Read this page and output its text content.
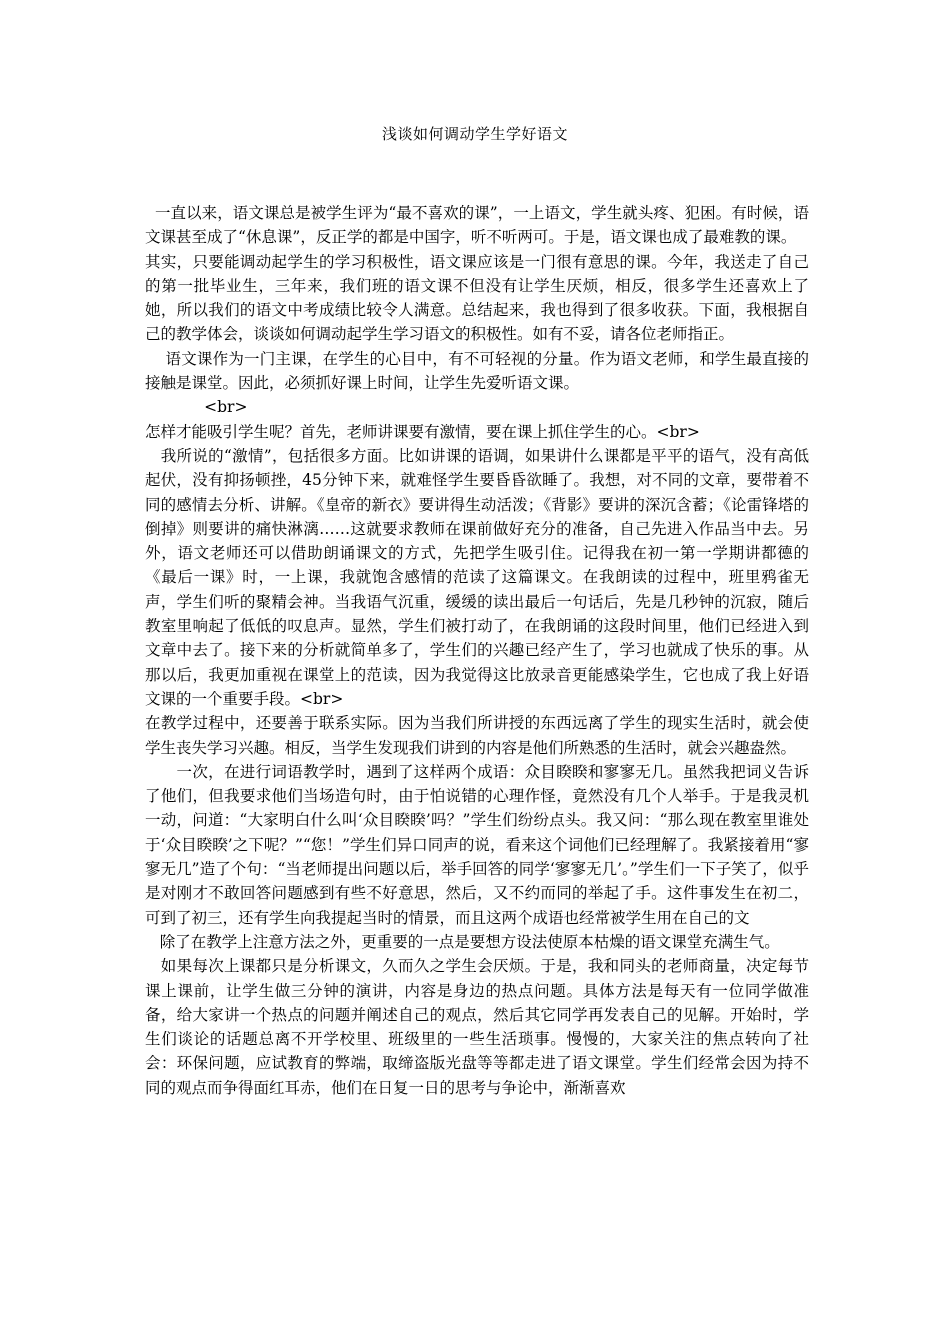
浅谈如何调动学生学好语文

一直以来，语文课总是被学生评为“最不喜欢的课”，一上语文，学生就头疼、犯困。有时候，语文课甚至成了“休息课”，反正学的都是中国字，听不听两可。于是，语文课也成了最难教的课。

其实，只要能调动起学生的学习积极性，语文课应该是一门很有意思的课。今年，我送走了自己的第一批毕业生，三年来，我们班的语文课不但没有让学生厌烦，相反，很多学生还喜欢上了她，所以我们的语文中考成绩比较令人满意。总结起来，我也得到了很多收获。下面，我根据自己的教学体会，谈谈如何调动起学生学习语文的积极性。如有不妥，请各位老师指正。

语文课作为一门主课，在学生的心目中，有不可轻视的分量。作为语文老师，和学生最直接的接触是课堂。因此，必须抓好课上时间，让学生先爱听语文课。

<br>

怎样才能吸引学生呢？首先，老师讲课要有激情，要在课上抓住学生的心。<br>

我所说的“激情”，包括很多方面。比如讲课的语调，如果讲什么课都是平平的语气，没有高低起伏，没有抑扬顿挫，45分钟下来，就难怪学生要昏昏欲睡了。我想，对不同的文章，要带着不同的感情去分析、讲解。《皇帝的新衣》要讲得生动活泼；《背影》要讲的深沉含蓄；《论雷锋塔的倒掉》则要讲的痛快淋漓……这就要求教师在课前做好充分的准备，自己先进入作品当中去。另外，语文老师还可以借助朗诵课文的方式，先把学生吸引住。记得我在初一第一学期讲都德的《最后一课》时，一上课，我就饱含感情的范读了这篇课文。在我朗读的过程中，班里鸦雀无声，学生们听的聚精会神。当我语气沉重，缓缓的读出最后一句话后，先是几秒钟的沉寂，随后教室里响起了低低的叹息声。显然，学生们被打动了，在我朗诵的这段时间里，他们已经进入到文章中去了。接下来的分析就简单多了，学生们的兴趣已经产生了，学习也就成了快乐的事。从那以后，我更加重视在课堂上的范读，因为我觉得这比放录音更能感染学生，它也成了我上好语文课的一个重要手段。<br>

在教学过程中，还要善于联系实际。因为当我们所讲授的东西远离了学生的现实生活时，就会使学生丧失学习兴趣。相反，当学生发现我们讲到的内容是他们所熟悉的生活时，就会兴趣盎然。

一次，在进行词语教学时，遇到了这样两个成语：众目睽睽和寥寥无几。虽然我把词义告诉了他们，但我要求他们当场造句时，由于怕说错的心理作怪，竟然没有几个人举手。于是我灵机一动，问道：“大家明白什么叫‘众目睽睽’吗？”学生们纷纷点头。我又问：“那么现在教室里谁处于‘众目睽睽’之下呢？”“您！”学生们异口同声的说，看来这个词他们已经理解了。我紧接着用“寥寥无几”造了个句：“当老师提出问题以后，举手回答的同学‘寥寥无几’。”学生们一下子笑了，似乎是对刚才不敢回答问题感到有些不好意思，然后，又不约而同的举起了手。这件事发生在初二，可到了初三，还有学生向我提起当时的情景，而且这两个成语也经常被学生用在自己的文

除了在教学上注意方法之外，更重要的一点是要想方设法使原本枯燥的语文课堂充满生气。

如果每次上课都只是分析课文，久而久之学生会厌烦。于是，我和同头的老师商量，决定每节课上课前，让学生做三分钟的演讲，内容是身边的热点问题。具体方法是每天有一位同学做准备，给大家讲一个热点的问题并阐述自己的观点，然后其它同学再发表自己的见解。开始时，学生们谈论的话题总离不开学校里、班级里的一些生活琐事。慢慢的，大家关注的焦点转向了社会：环保问题，应试教育的弊端，取缔盗版光盘等等都走进了语文课堂。学生们经常会因为持不同的观点而争得面红耳赤，他们在日复一日的思考与争论中，渐渐喜欢
